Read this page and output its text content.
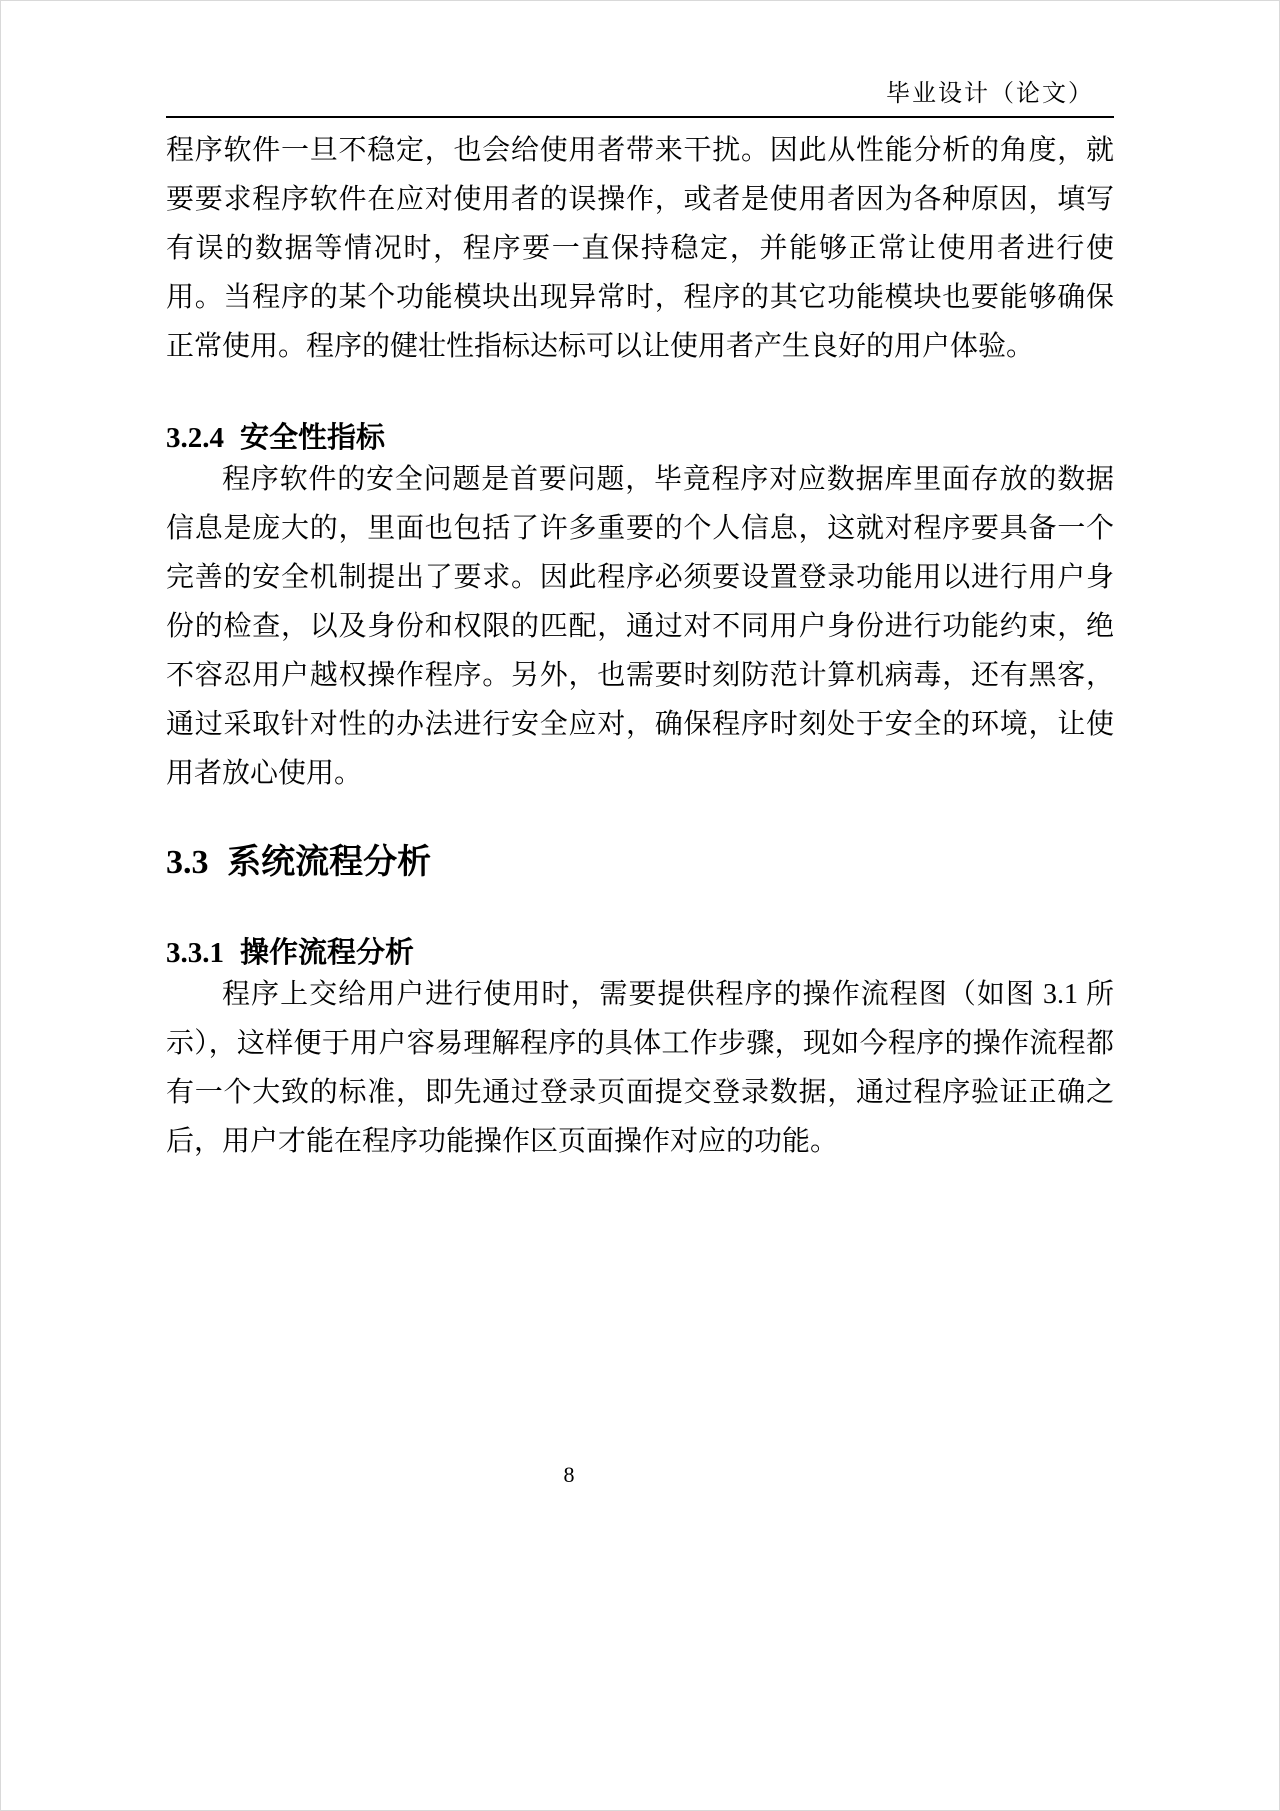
毕业设计（论文）

程序软件一旦不稳定，也会给使用者带来干扰。因此从性能分析的角度，就要要求程序软件在应对使用者的误操作，或者是使用者因为各种原因，填写有误的数据等情况时，程序要一直保持稳定，并能够正常让使用者进行使用。当程序的某个功能模块出现异常时，程序的其它功能模块也要能够确保正常使用。程序的健壮性指标达标可以让使用者产生良好的用户体验。

3.2.4 安全性指标

程序软件的安全问题是首要问题，毕竟程序对应数据库里面存放的数据信息是庞大的，里面也包括了许多重要的个人信息，这就对程序要具备一个完善的安全机制提出了要求。因此程序必须要设置登录功能用以进行用户身份的检查，以及身份和权限的匹配，通过对不同用户身份进行功能约束，绝不容忍用户越权操作程序。另外，也需要时刻防范计算机病毒，还有黑客，通过采取针对性的办法进行安全应对，确保程序时刻处于安全的环境，让使用者放心使用。

3.3 系统流程分析
3.3.1 操作流程分析

程序上交给用户进行使用时，需要提供程序的操作流程图（如图 3.1 所示），这样便于用户容易理解程序的具体工作步骤，现如今程序的操作流程都有一个大致的标准，即先通过登录页面提交登录数据，通过程序验证正确之后，用户才能在程序功能操作区页面操作对应的功能。

8
